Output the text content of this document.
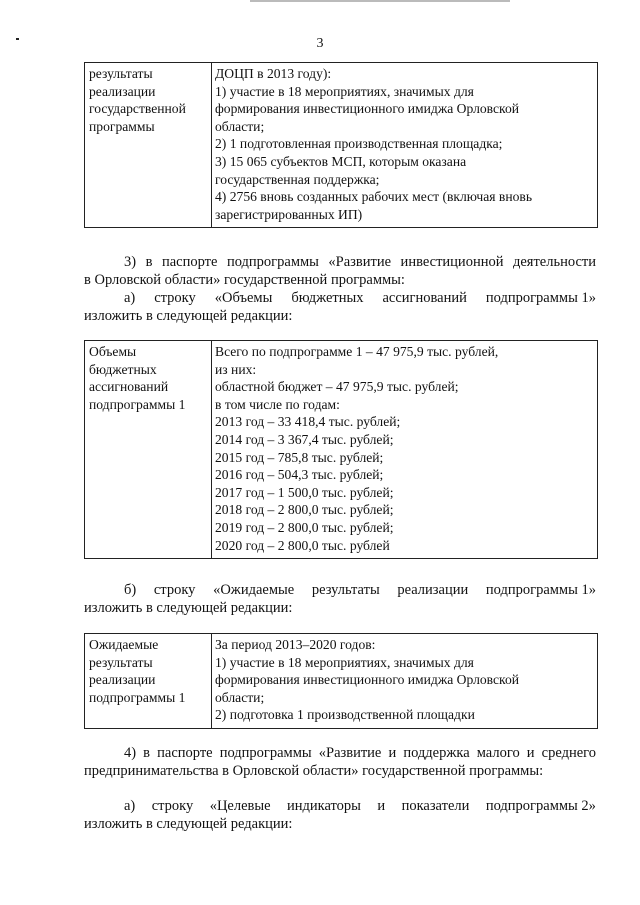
3
результаты
реализации
государственной
программы

ДОЦП в 2013 году):
1) участие в 18 мероприятиях, значимых для
формирования инвестиционного имиджа Орловской
области;
2) 1 подготовленная производственная площадка;
3) 15 065 субъектов МСП, которым оказана
государственная поддержка;
4) 2756 вновь созданных рабочих мест (включая вновь
зарегистрированных ИП)
3) в паспорте подпрограммы «Развитие инвестиционной деятельности
в Орловской области» государственной программы:
а) строку «Объемы бюджетных ассигнований подпрограммы 1»
изложить в следующей редакции:
Объемы
бюджетных
ассигнований
подпрограммы 1

Всего по подпрограмме 1 – 47 975,9 тыс. рублей,
из них:
областной бюджет – 47 975,9 тыс. рублей;
в том числе по годам:
2013 год – 33 418,4 тыс. рублей;
2014 год – 3 367,4 тыс. рублей;
2015 год – 785,8 тыс. рублей;
2016 год – 504,3 тыс. рублей;
2017 год – 1 500,0 тыс. рублей;
2018 год – 2 800,0 тыс. рублей;
2019 год – 2 800,0 тыс. рублей;
2020 год – 2 800,0 тыс. рублей
б) строку «Ожидаемые результаты реализации подпрограммы 1»
изложить в следующей редакции:
Ожидаемые
результаты
реализации
подпрограммы 1

За период 2013–2020 годов:
1) участие в 18 мероприятиях, значимых для
формирования инвестиционного имиджа Орловской
области;
2) подготовка 1 производственной площадки
4) в паспорте подпрограммы «Развитие и поддержка малого и среднего
предпринимательства в Орловской области» государственной программы:
а) строку «Целевые индикаторы и показатели подпрограммы 2»
изложить в следующей редакции:
